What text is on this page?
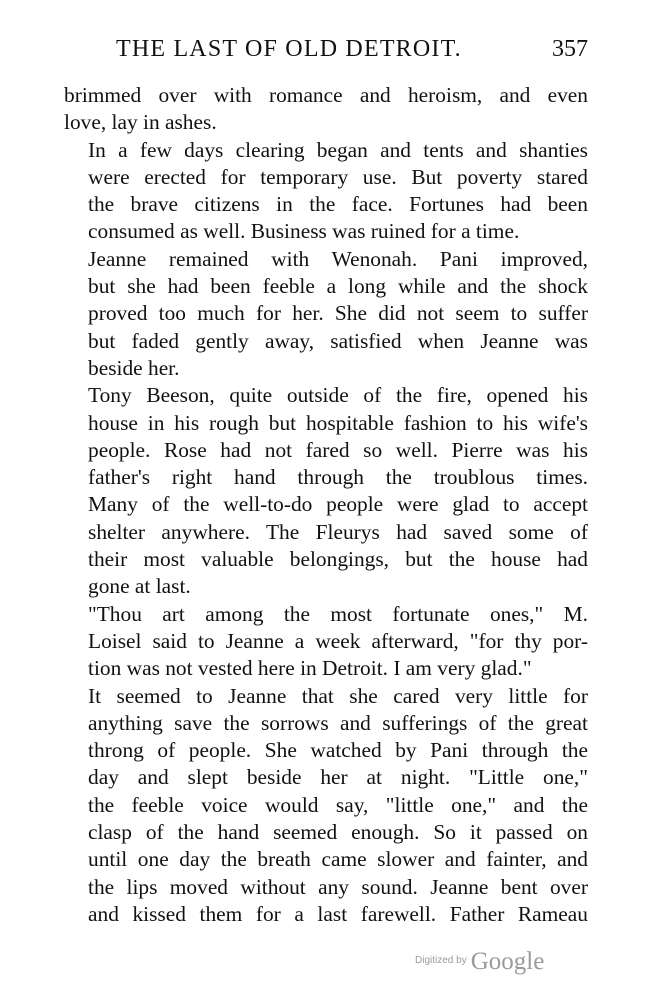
THE LAST OF OLD DETROIT.	357

brimmed over with romance and heroism, and even
love, lay in ashes.

In a few days clearing began and tents and shanties
were erected for temporary use. But poverty stared
the brave citizens in the face. Fortunes had been
consumed as well. Business was ruined for a time.

Jeanne remained with Wenonah. Pani improved,
but she had been feeble a long while and the shock
proved too much for her. She did not seem to suffer
but faded gently away, satisfied when Jeanne was
beside her.

Tony Beeson, quite outside of the fire, opened his
house in his rough but hospitable fashion to his wife's
people. Rose had not fared so well. Pierre was his
father's right hand through the troublous times.
Many of the well-to-do people were glad to accept
shelter anywhere. The Fleurys had saved some of
their most valuable belongings, but the house had
gone at last.

"Thou art among the most fortunate ones," M.
Loisel said to Jeanne a week afterward, "for thy por-
tion was not vested here in Detroit. I am very glad."

It seemed to Jeanne that she cared very little for
anything save the sorrows and sufferings of the great
throng of people. She watched by Pani through the
day and slept beside her at night. "Little one,"
the feeble voice would say, "little one," and the
clasp of the hand seemed enough. So it passed on
until one day the breath came slower and fainter, and
the lips moved without any sound. Jeanne bent over
and kissed them for a last farewell. Father Rameau

$^{Digitized by}$ Google
